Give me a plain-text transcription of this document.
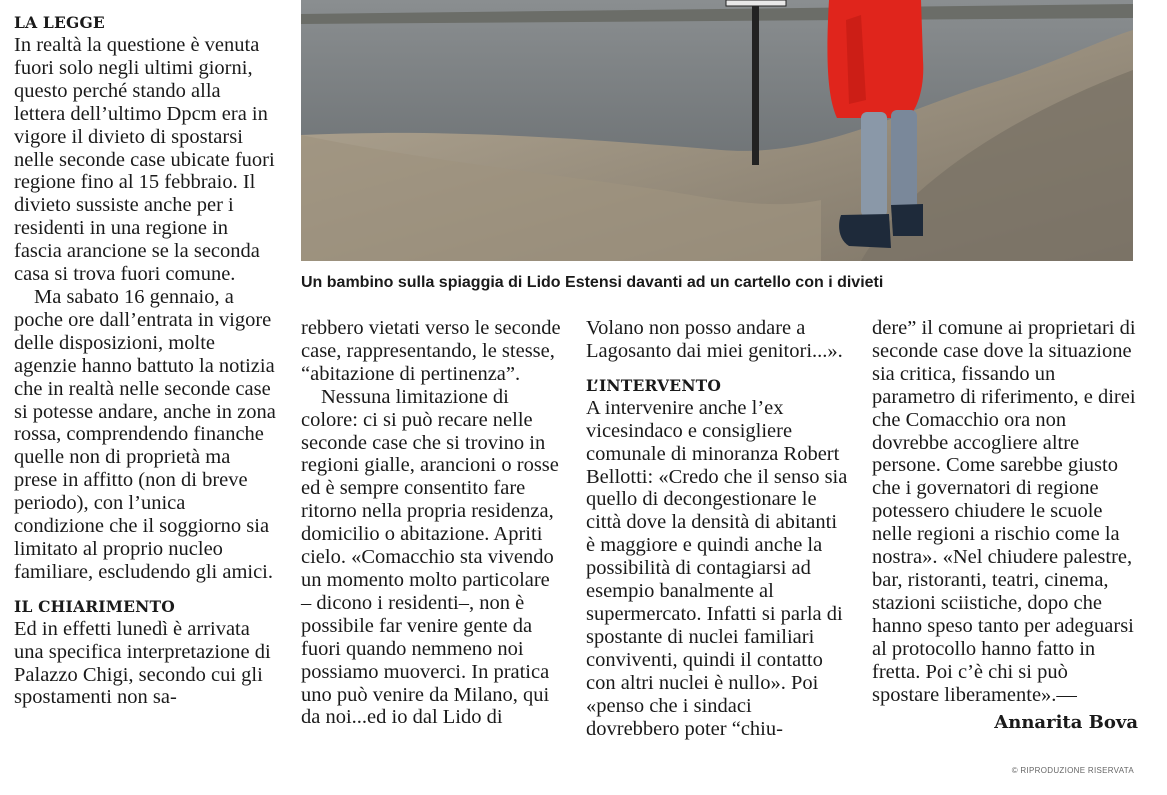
LA LEGGE

In realtà la questione è venuta fuori solo negli ultimi giorni, questo perché stando alla lettera dell’ultimo Dpcm era in vigore il divieto di spostarsi nelle seconde case ubicate fuori regione fino al 15 febbraio. Il divieto sussiste anche per i residenti in una regione in fascia arancione se la seconda casa si trova fuori comune.

Ma sabato 16 gennaio, a poche ore dall’entrata in vigore delle disposizioni, molte agenzie hanno battuto la notizia che in realtà nelle seconde case si potesse andare, anche in zona rossa, comprendendo finanche quelle non di proprietà ma prese in affitto (non di breve periodo), con l’unica condizione che il soggiorno sia limitato al proprio nucleo familiare, escludendo gli amici.

IL CHIARIMENTO

Ed in effetti lunedì è arrivata una specifica interpretazione di Palazzo Chigi, secondo cui gli spostamenti non sa-

Un bambino sulla spiaggia di Lido Estensi davanti ad un cartello con i divieti

rebbero vietati verso le seconde case, rappresentando, le stesse, “abitazione di pertinenza”.

Nessuna limitazione di colore: ci si può recare nelle seconde case che si trovino in regioni gialle, arancioni o rosse ed è sempre consentito fare ritorno nella propria residenza, domicilio o abitazione. Apriti cielo. «Comacchio sta vivendo un momento molto particolare – dicono i residenti–, non è possibile far venire gente da fuori quando nemmeno noi possiamo muoverci. In pratica uno può venire da Milano, qui da noi...ed io dal Lido di

Volano non posso andare a Lagosanto dai miei genitori...».

L’INTERVENTO

A intervenire anche l’ex vicesindaco e consigliere comunale di minoranza Robert Bellotti: «Credo che il senso sia quello di decongestionare le città dove la densità di abitanti è maggiore e quindi anche la possibilità di contagiarsi ad esempio banalmente al supermercato. Infatti si parla di spostante di nuclei familiari conviventi, quindi il contatto con altri nuclei è nullo». Poi «penso che i sindaci dovrebbero poter “chiu-

dere” il comune ai proprietari di seconde case dove la situazione sia critica, fissando un parametro di riferimento, e direi che Comacchio ora non dovrebbe accogliere altre persone. Come sarebbe giusto che i governatori di regione potessero chiudere le scuole nelle regioni a rischio come la nostra». «Nel chiudere palestre, bar, ristoranti, teatri, cinema, stazioni sciistiche, dopo che hanno speso tanto per adeguarsi al protocollo hanno fatto in fretta. Poi c’è chi si può spostare liberamente».—

Annarita Bova
© RIPRODUZIONE RISERVATA
